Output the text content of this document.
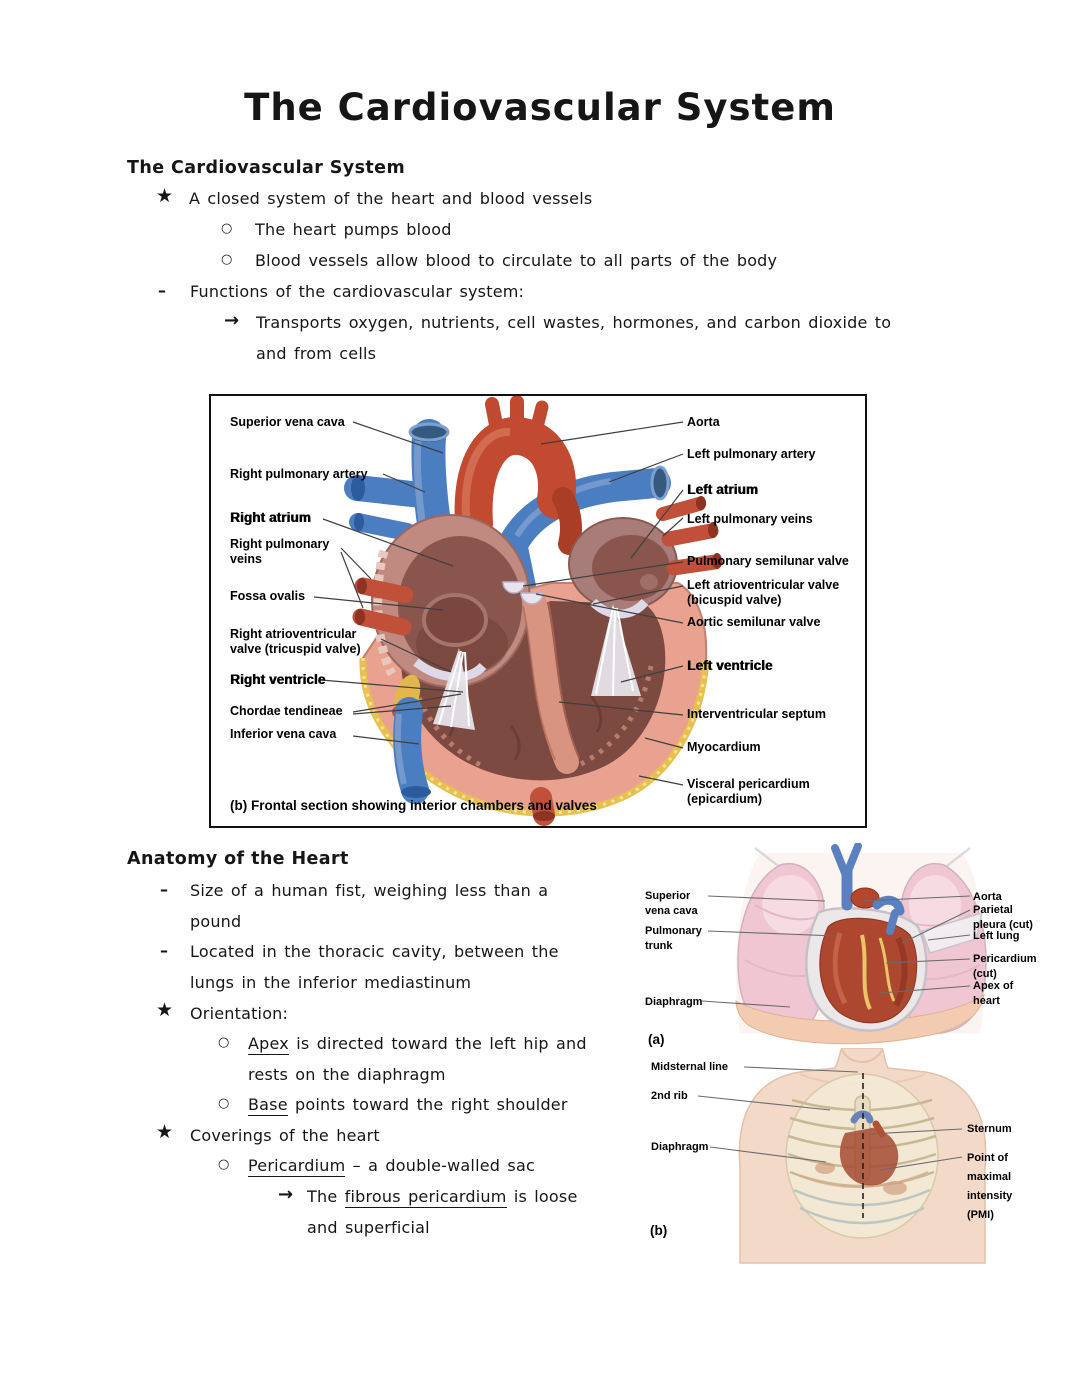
The Cardiovascular System
The Cardiovascular System
★ A closed system of the heart and blood vessels
○ The heart pumps blood
○ Blood vessels allow blood to circulate to all parts of the body
– Functions of the cardiovascular system:
→ Transports oxygen, nutrients, cell wastes, hormones, and carbon dioxide to
and from cells
Superior vena cava
Right pulmonary artery
Right atrium
Right pulmonary
veins
Fossa ovalis
Right atrioventricular
valve (tricuspid valve)
Right ventricle
Chordae tendineae
Inferior vena cava
Aorta
Left pulmonary artery
Left atrium
Left pulmonary veins
Pulmonary semilunar valve
Left atrioventricular valve
(bicuspid valve)
Aortic semilunar valve
Left ventricle
Interventricular septum
Myocardium
Visceral pericardium
(epicardium)
(b) Frontal section showing interior chambers and valves
Anatomy of the Heart
– Size of a human fist, weighing less than a
pound
– Located in the thoracic cavity, between the
lungs in the inferior mediastinum
★ Orientation:
○ Apex is directed toward the left hip and
rests on the diaphragm
○ Base points toward the right shoulder
★ Coverings of the heart
○ Pericardium – a double-walled sac
→ The fibrous pericardium is loose
and superficial
Superior
vena cava
Pulmonary
trunk
Diaphragm
Aorta
Parietal
pleura (cut)
Left lung
Pericardium
(cut)
Apex of
heart
(a)
Midsternal line
2nd rib
Diaphragm
Sternum
Point of
maximal
intensity
(PMI)
(b)
